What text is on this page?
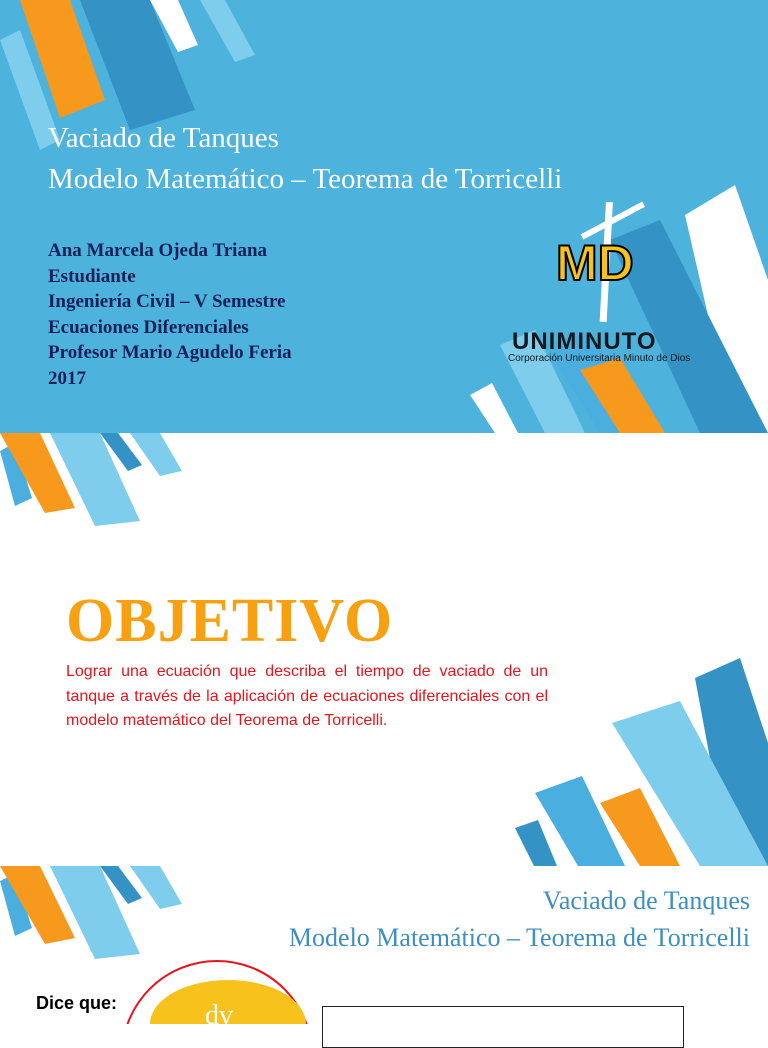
Vaciado de Tanques
Modelo Matemático – Teorema de Torricelli
Ana Marcela Ojeda Triana
Estudiante
Ingeniería Civil – V Semestre
Ecuaciones Diferenciales
Profesor Mario Agudelo Feria
2017
MD
UNIMINUTO
Corporación Universitaria Minuto de Dios
OBJETIVO
Lograr una ecuación que describa el tiempo de vaciado de un tanque a través de la aplicación de ecuaciones diferenciales con el modelo matemático del Teorema de Torricelli.
Vaciado de Tanques
Modelo Matemático – Teorema de Torricelli
Dice que:	dv
